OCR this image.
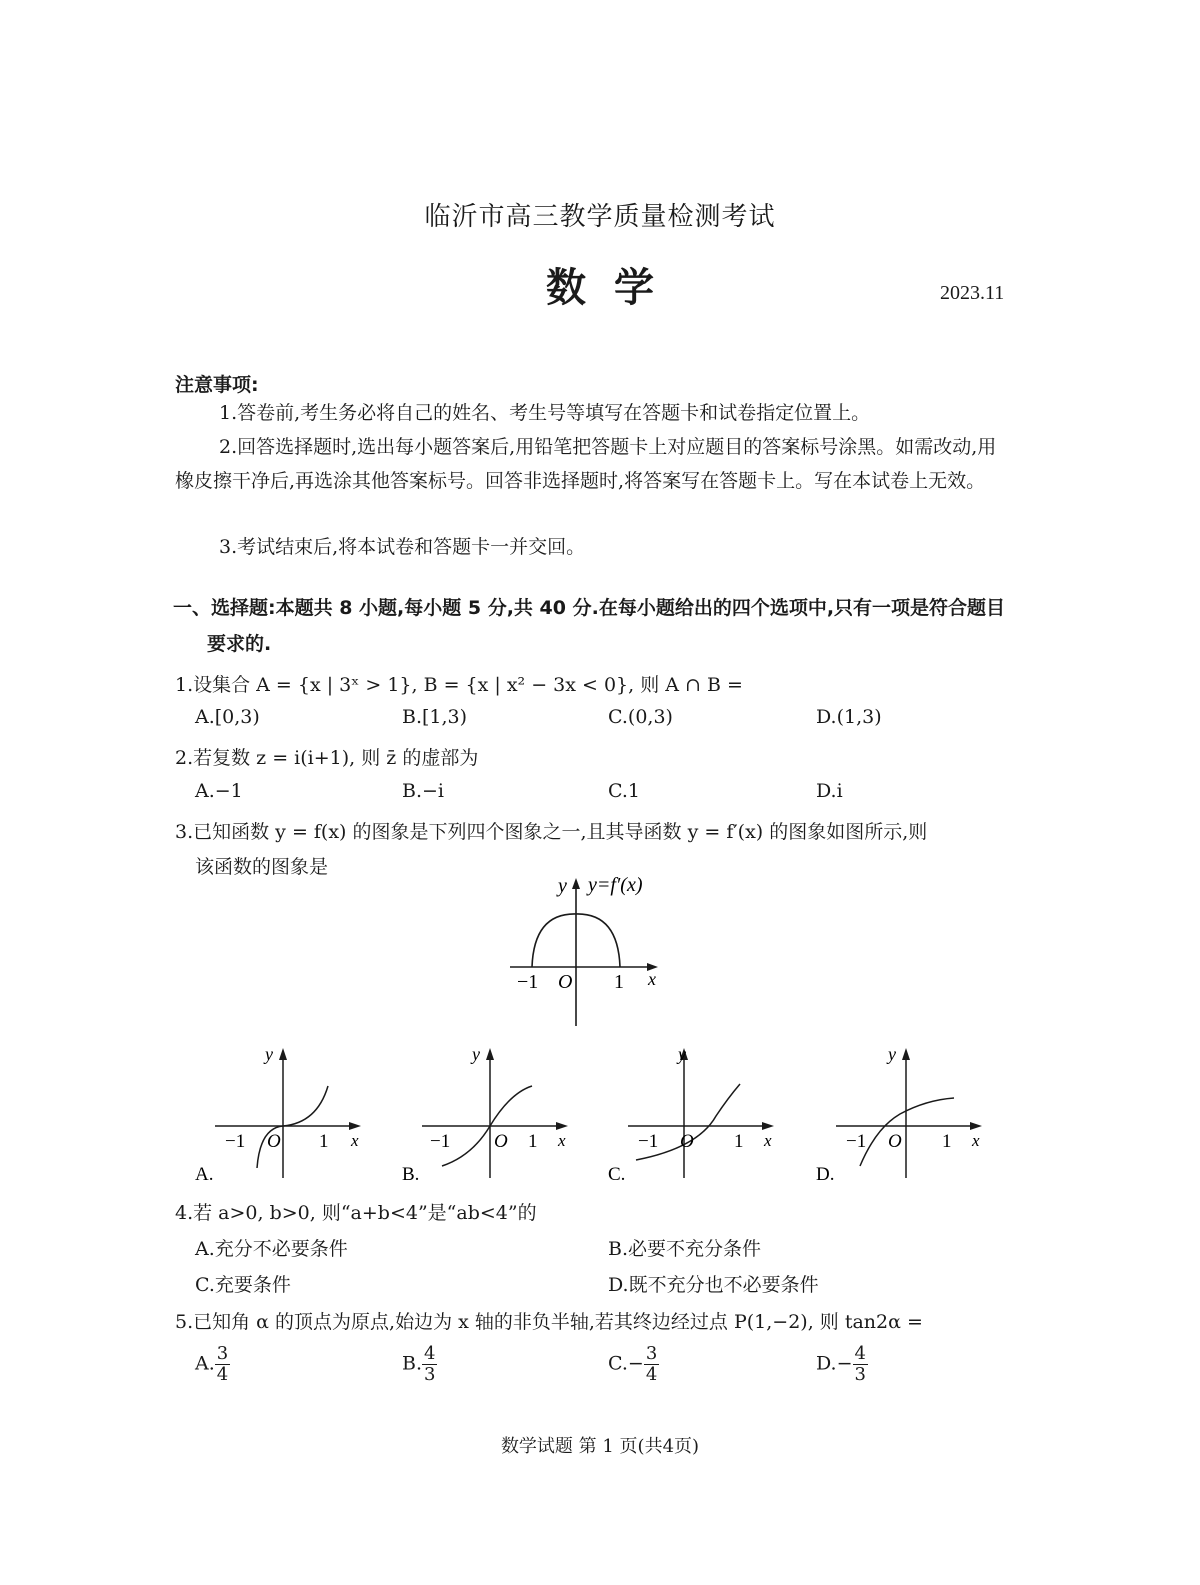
临沂市高三教学质量检测考试
数学	2023.11
注意事项:
1.答卷前,考生务必将自己的姓名、考生号等填写在答题卡和试卷指定位置上。
2.回答选择题时,选出每小题答案后,用铅笔把答题卡上对应题目的答案标号涂黑。如需改动,用橡皮擦干净后,再选涂其他答案标号。回答非选择题时,将答案写在答题卡上。写在本试卷上无效。
3.考试结束后,将本试卷和答题卡一并交回。
一、选择题:本题共 8 小题,每小题 5 分,共 40 分.在每小题给出的四个选项中,只有一项是符合题目要求的.
1.设集合 A = {x | 3ˣ > 1}, B = {x | x² − 3x < 0}, 则 A ∩ B =
A.[0,3)	B.[1,3)	C.(0,3)	D.(1,3)
2.若复数 z = i(i+1), 则 z̄ 的虚部为
A.−1	B.−i	C.1	D.i
3.已知函数 y = f(x) 的图象是下列四个图象之一,且其导函数 y = f′(x) 的图象如图所示,则
该函数的图象是
y y=f′(x)
x
O
−1	1
y
x
O
−1	1
A.
y
x
O
−1	1
B.
y
x
O
−1	1
C.
y
x
O
−1	1
D.
4.若 a>0, b>0, 则“a+b<4”是“ab<4”的
A.充分不必要条件	B.必要不充分条件
C.充要条件	D.既不充分也不必要条件
5.已知角 α 的顶点为原点,始边为 x 轴的非负半轴,若其终边经过点 P(1,−2), 则 tan2α =
A. $\frac{3}{4}$	B. $\frac{4}{3}$	$C.- \frac{3}{4}$	$D.- \frac{4}{3}$
数学试题 第 1 页(共4页)
